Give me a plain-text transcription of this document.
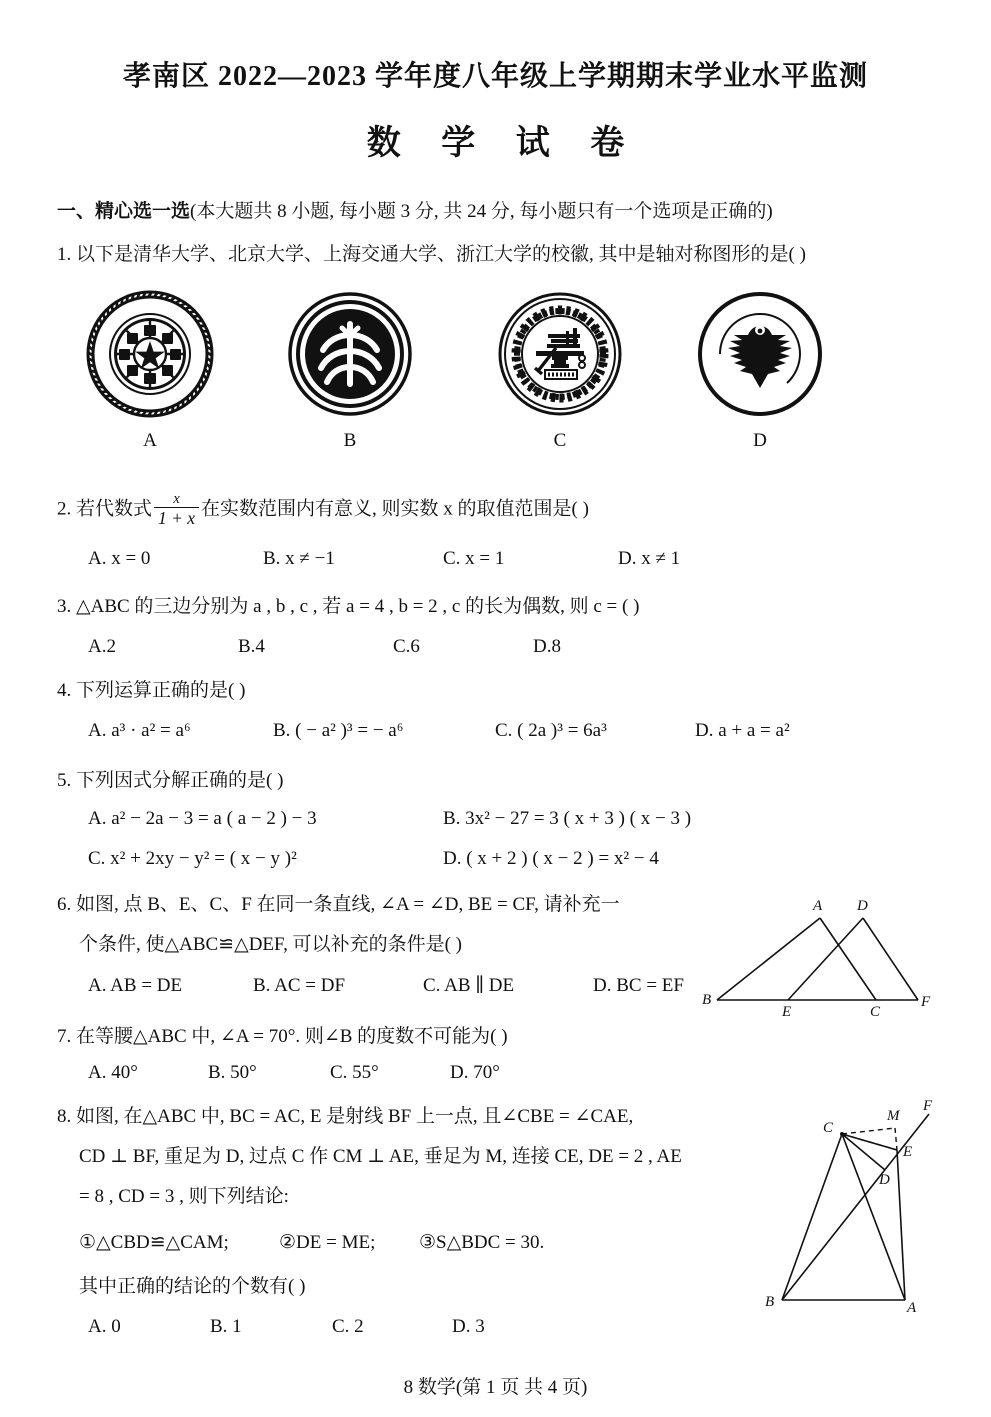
孝南区 2022—2023 学年度八年级上学期期末学业水平监测
数 学 试 卷
一、精心选一选(本大题共 8 小题, 每小题 3 分, 共 24 分, 每小题只有一个选项是正确的)
1. 以下是清华大学、北京大学、上海交通大学、浙江大学的校徽, 其中是轴对称图形的是( )
A	B	C	D
2. 若代数式 $\frac{x}{1 + x}$ 在实数范围内有意义, 则实数 x 的取值范围是( )
A. x = 0	B. x ≠ −1	C. x = 1	D. x ≠ 1
3. △ABC 的三边分别为 a , b , c , 若 a = 4 , b = 2 , c 的长为偶数, 则 c = ( )
A.2	B.4	C.6	D.8
4. 下列运算正确的是( )
A. a³ · a² = a⁶	B. ( − a² )³ = − a⁶	C. ( 2a )³ = 6a³	D. a + a = a²
5. 下列因式分解正确的是( )
A. a² − 2a − 3 = a ( a − 2 ) − 3	B. 3x² − 27 = 3 ( x + 3 ) ( x − 3 )
C. x² + 2xy − y² = ( x − y )²	D. ( x + 2 ) ( x − 2 ) = x² − 4
6. 如图, 点 B、E、C、F 在同一条直线, ∠A = ∠D, BE = CF, 请补充一
个条件, 使△ABC≌△DEF, 可以补充的条件是( )
A. AB = DE	B. AC = DF	C. AB ∥ DE	D. BC = EF
A D
B
E	C
F
7. 在等腰△ABC 中, ∠A = 70°. 则∠B 的度数不可能为( )
A. 40°	B. 50°	C. 55°	D. 70°
8. 如图, 在△ABC 中, BC = AC, E 是射线 BF 上一点, 且∠CBE = ∠CAE,
CD ⊥ BF, 重足为 D, 过点 C 作 CM ⊥ AE, 垂足为 M, 连接 CE, DE = 2 , AE
= 8 , CD = 3 , 则下列结论:
①△CBD≌△CAM;	②DE = ME; ③S△BDC = 30.
其中正确的结论的个数有( )
A. 0	B. 1	C. 2	D. 3
C
M
F
E
D
B	A
8 数学(第 1 页 共 4 页)
